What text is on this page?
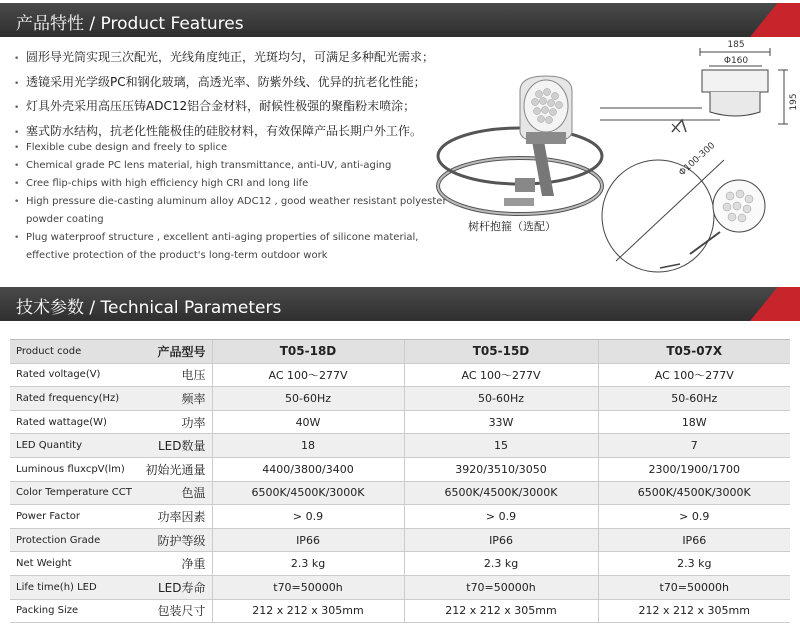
产品特性 / Product Features
• 圆形导光筒实现三次配光，光线角度纯正，光斑均匀，可满足多种配光需求；
• 透镜采用光学级PC和钢化玻璃，高透光率、防紫外线、优异的抗老化性能；
• 灯具外壳采用高压压铸ADC12铝合金材料，耐候性极强的聚酯粉末喷涂；
• 塞式防水结构，抗老化性能极佳的硅胶材料，有效保障产品长期户外工作。
• Flexible cube design and freely to splice
• Chemical grade PC lens material, high transmittance, anti-UV, anti-aging
• Cree flip-chips with high efficiency high CRI and long life
• High pressure die-casting aluminum alloy ADC12 , good weather resistant polyester
powder coating
• Plug waterproof structure , excellent anti-aging properties of silicone material,
effective protection of the product's long-term outdoor work
185
Φ160
195
Φ100-300
树杆抱箍（选配）
技术参数 / Technical Parameters
Product code	产品型号	T05-18D	T05-15D	T05-07X
Rated voltage(V)	电压	AC 100～277V	AC 100～277V	AC 100～277V
Rated frequency(Hz)	频率	50-60Hz	50-60Hz	50-60Hz
Rated wattage(W)	功率	40W	33W	18W
LED Quantity	LED数量	18	15	7
Luminous fluxcpV(lm)	初始光通量	4400/3800/3400	3920/3510/3050	2300/1900/1700
Color Temperature CCT	色温	6500K/4500K/3000K	6500K/4500K/3000K	6500K/4500K/3000K
Power Factor	功率因素	> 0.9	> 0.9	> 0.9
Protection Grade	防护等级	IP66	IP66	IP66
Net Weight	净重	2.3 kg	2.3 kg	2.3 kg
Life time(h) LED	LED寿命	t70=50000h	t70=50000h	t70=50000h
Packing Size	包装尺寸	212 x 212 x 305mm	212 x 212 x 305mm	212 x 212 x 305mm
